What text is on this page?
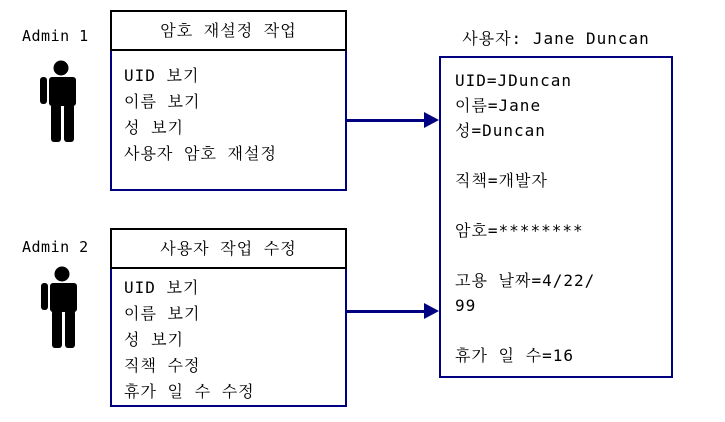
Admin 1	암호 재설정 작업
UID 보기
이름 보기
성 보기
사용자 암호 재설정
Admin 2	사용자 작업 수정
UID 보기
이름 보기
성 보기
직책 수정
휴가 일 수 수정
사용자: Jane Duncan
UID=JDuncan
이름=Jane
성=Duncan
직책=개발자
암호=********
고용 날짜=4/22/
99
휴가 일 수=16
